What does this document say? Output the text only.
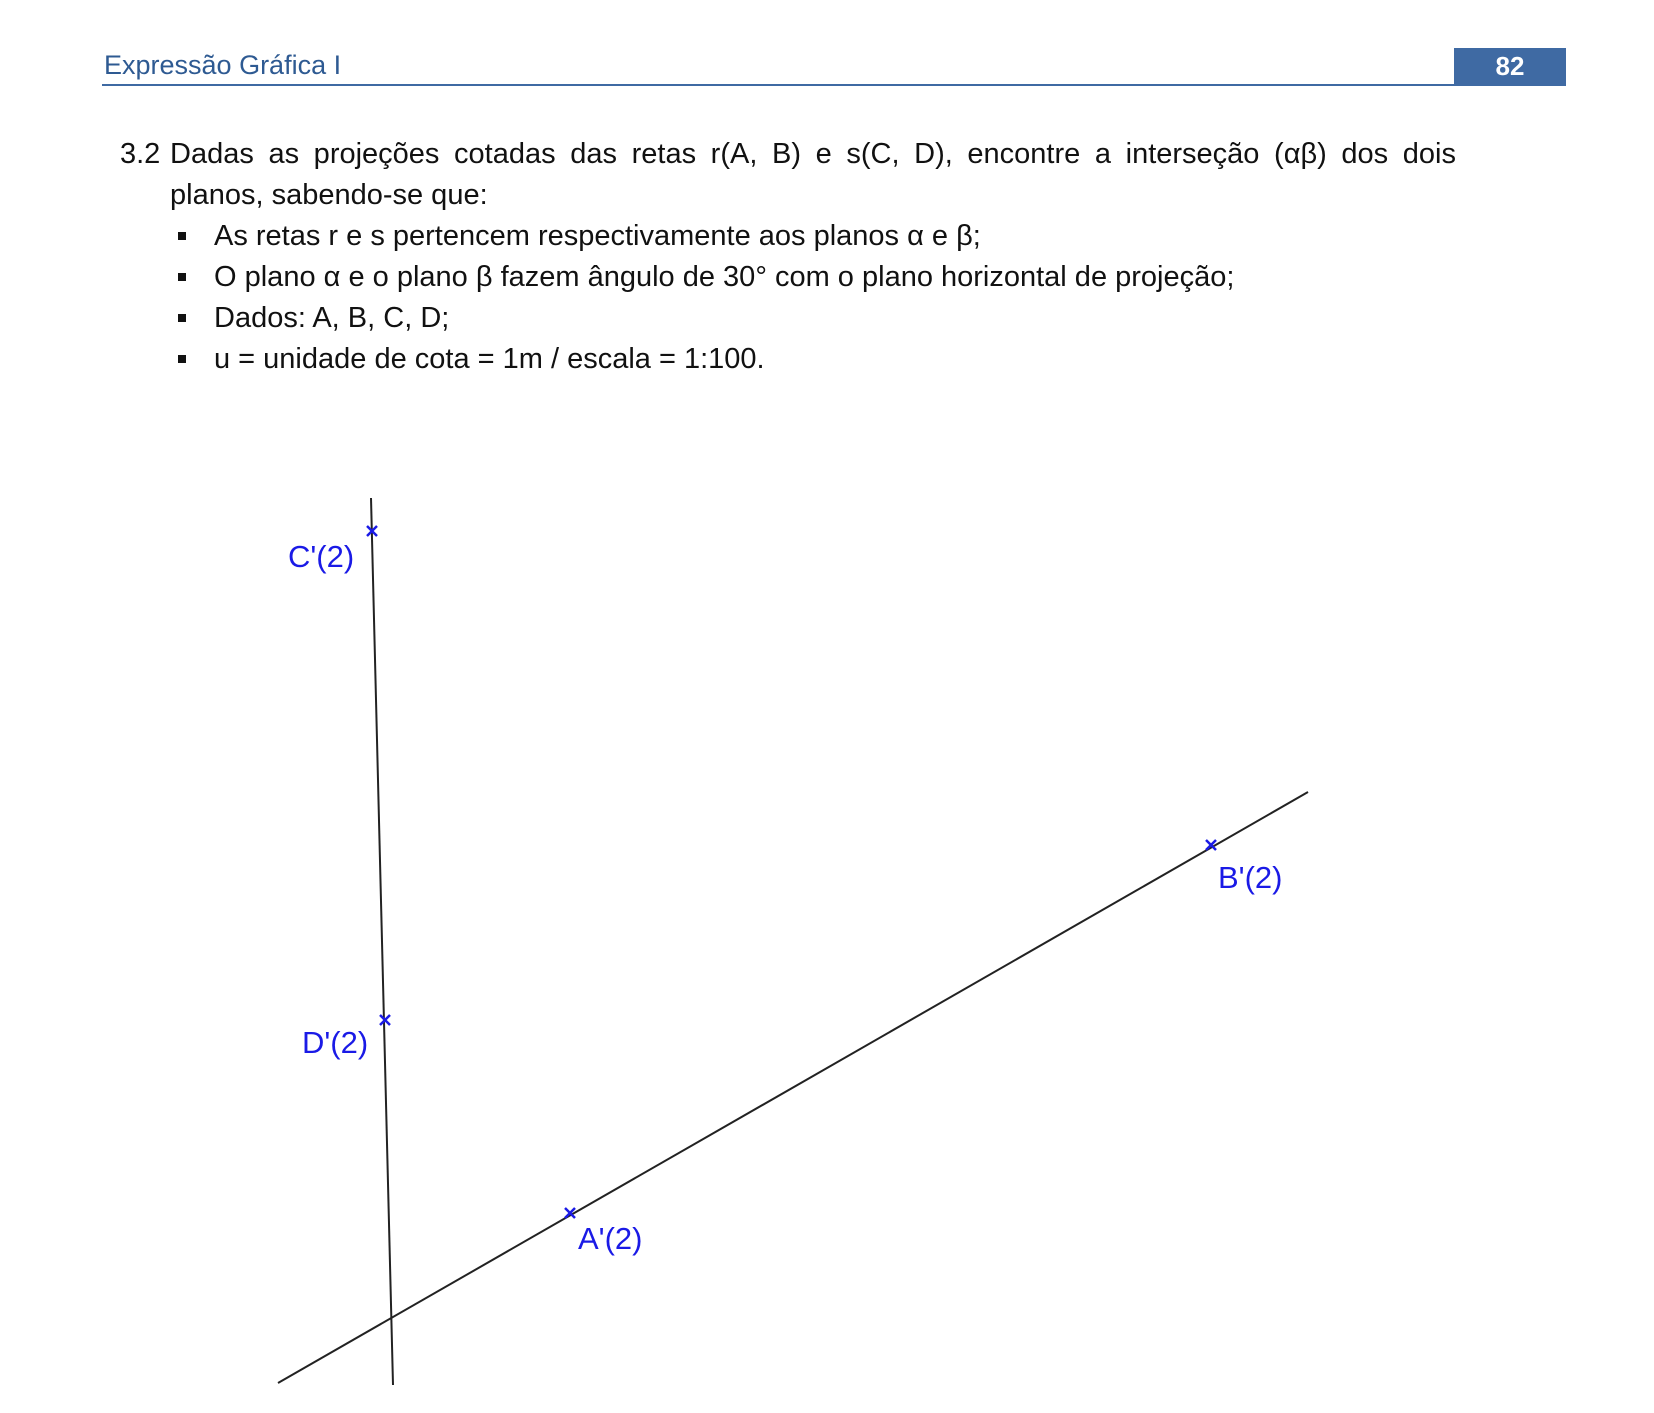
Expressão Gráfica I	82
3.2 Dadas as projeções cotadas das retas r(A, B) e s(C, D), encontre a interseção (αβ) dos dois
planos, sabendo-se que:
As retas r e s pertencem respectivamente aos planos α e β;
O plano α e o plano β fazem ângulo de 30° com o plano horizontal de projeção;
Dados: A, B, C, D;
u = unidade de cota = 1m / escala = 1:100.
C'(2)
D'(2)
A'(2)
B'(2)
